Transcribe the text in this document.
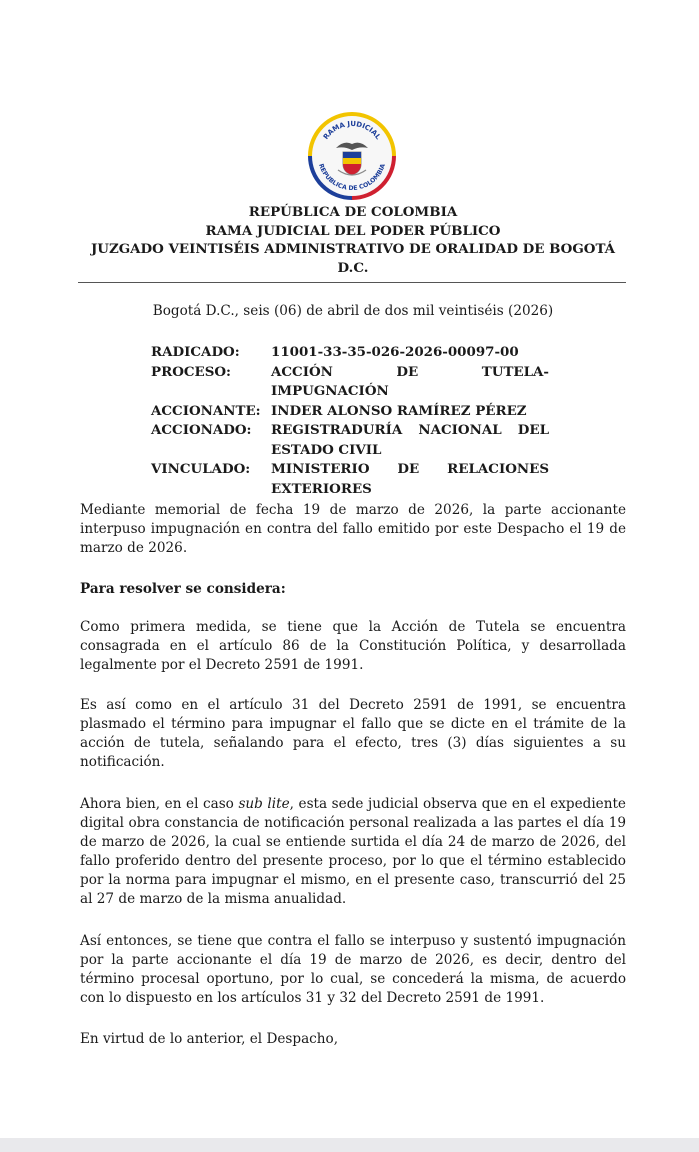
RAMA JUDICIAL
REPUBLICA DE COLOMBIA
REPÚBLICA DE COLOMBIA
RAMA JUDICIAL DEL PODER PÚBLICO
JUZGADO VEINTISÉIS ADMINISTRATIVO DE ORALIDAD DE BOGOTÁ
D.C.
Bogotá D.C., seis (06) de abril de dos mil veintiséis (2026)
RADICADO:	11001-33-35-026-2026-00097-00
PROCESO:	ACCIÓN DE TUTELA- IMPUGNACIÓN
ACCIONANTE: INDER ALONSO RAMÍREZ PÉREZ
ACCIONADO:	REGISTRADURÍA NACIONAL DEL
ESTADO CIVIL
VINCULADO:	MINISTERIO DE RELACIONES
EXTERIORES

Mediante memorial de fecha 19 de marzo de 2026, la parte accionante interpuso impugnación en contra del fallo emitido por este Despacho el 19 de marzo de 2026.

Para resolver se considera:

Como primera medida, se tiene que la Acción de Tutela se encuentra consagrada en el artículo 86 de la Constitución Política, y desarrollada legalmente por el Decreto 2591 de 1991.

Es así como en el artículo 31 del Decreto 2591 de 1991, se encuentra plasmado el término para impugnar el fallo que se dicte en el trámite de la acción de tutela, señalando para el efecto, tres (3) días siguientes a su notificación.

Ahora bien, en el caso sub lite, esta sede judicial observa que en el expediente digital obra constancia de notificación personal realizada a las partes el día 19 de marzo de 2026, la cual se entiende surtida el día 24 de marzo de 2026, del fallo proferido dentro del presente proceso, por lo que el término establecido por la norma para impugnar el mismo, en el presente caso, transcurrió del 25 al 27 de marzo de la misma anualidad.

Así entonces, se tiene que contra el fallo se interpuso y sustentó impugnación por la parte accionante el día 19 de marzo de 2026, es decir, dentro del término procesal oportuno, por lo cual, se concederá la misma, de acuerdo con lo dispuesto en los artículos 31 y 32 del Decreto 2591 de 1991.

En virtud de lo anterior, el Despacho,
